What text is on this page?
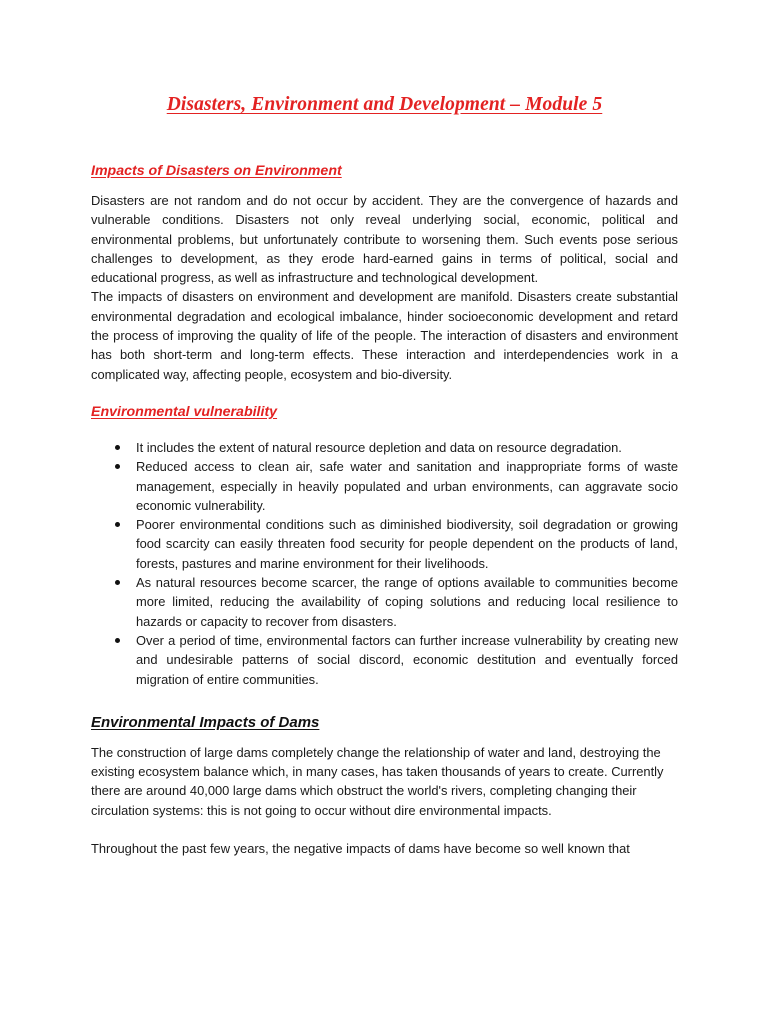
Disasters, Environment and Development – Module 5
Impacts of Disasters on Environment

Disasters are not random and do not occur by accident. They are the convergence of hazards and vulnerable conditions. Disasters not only reveal underlying social, economic, political and environmental problems, but unfortunately contribute to worsening them. Such events pose serious challenges to development, as they erode hard-earned gains in terms of political, social and educational progress, as well as infrastructure and technological development.

The impacts of disasters on environment and development are manifold. Disasters create substantial environmental degradation and ecological imbalance, hinder socioeconomic development and retard the process of improving the quality of life of the people. The interaction of disasters and environment has both short-term and long-term effects. These interaction and interdependencies work in a complicated way, affecting people, ecosystem and bio-diversity.

Environmental vulnerability
It includes the extent of natural resource depletion and data on resource degradation.
Reduced access to clean air, safe water and sanitation and inappropriate forms of waste management, especially in heavily populated and urban environments, can aggravate socio economic vulnerability.
Poorer environmental conditions such as diminished biodiversity, soil degradation or growing food scarcity can easily threaten food security for people dependent on the products of land, forests, pastures and marine environment for their livelihoods.
As natural resources become scarcer, the range of options available to communities become more limited, reducing the availability of coping solutions and reducing local resilience to hazards or capacity to recover from disasters.
Over a period of time, environmental factors can further increase vulnerability by creating new and undesirable patterns of social discord, economic destitution and eventually forced migration of entire communities.
Environmental Impacts of Dams

The construction of large dams completely change the relationship of water and land, destroying the existing ecosystem balance which, in many cases, has taken thousands of years to create. Currently there are around 40,000 large dams which obstruct the world's rivers, completing changing their circulation systems: this is not going to occur without dire environmental impacts.

Throughout the past few years, the negative impacts of dams have become so well known that
